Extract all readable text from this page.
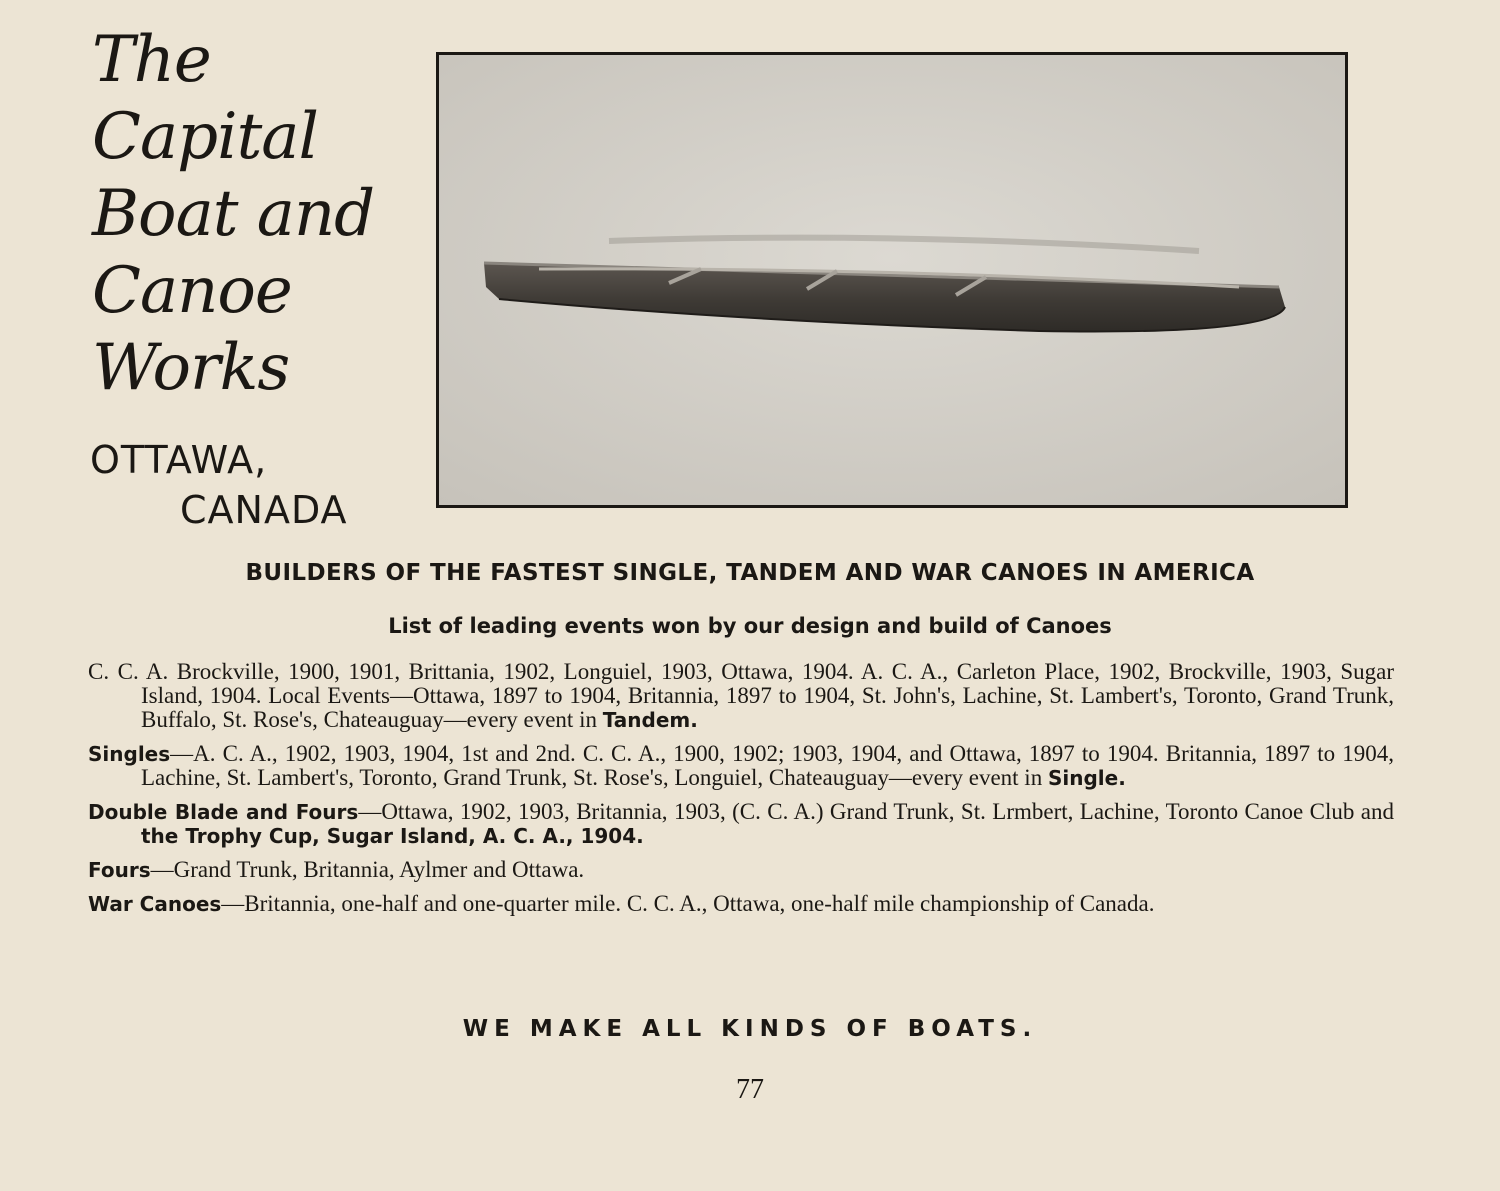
The
Capital
Boat and
Canoe
Works
OTTAWA,
CANADA
BUILDERS OF THE FASTEST SINGLE, TANDEM AND WAR CANOES IN AMERICA
List of leading events won by our design and build of Canoes

C. C. A. Brockville, 1900, 1901, Brittania, 1902, Longuiel, 1903, Ottawa, 1904. A. C. A., Carleton Place, 1902, Brockville, 1903, Sugar Island, 1904. Local Events—Ottawa, 1897 to 1904, Britannia, 1897 to 1904, St. John's, Lachine, St. Lambert's, Toronto, Grand Trunk, Buffalo, St. Rose's, Chateauguay—every event in Tandem.

Singles—A. C. A., 1902, 1903, 1904, 1st and 2nd. C. C. A., 1900, 1902; 1903, 1904, and Ottawa, 1897 to 1904. Britannia, 1897 to 1904, Lachine, St. Lambert's, Toronto, Grand Trunk, St. Rose's, Longuiel, Chateauguay—every event in Single.

Double Blade and Fours—Ottawa, 1902, 1903, Britannia, 1903, (C. C. A.) Grand Trunk, St. Lrmbert, Lachine, Toronto Canoe Club and the Trophy Cup, Sugar Island, A. C. A., 1904.

Fours—Grand Trunk, Britannia, Aylmer and Ottawa.

War Canoes—Britannia, one-half and one-quarter mile. C. C. A., Ottawa, one-half mile championship of Canada.

WE MAKE ALL KINDS OF BOATS.
77
